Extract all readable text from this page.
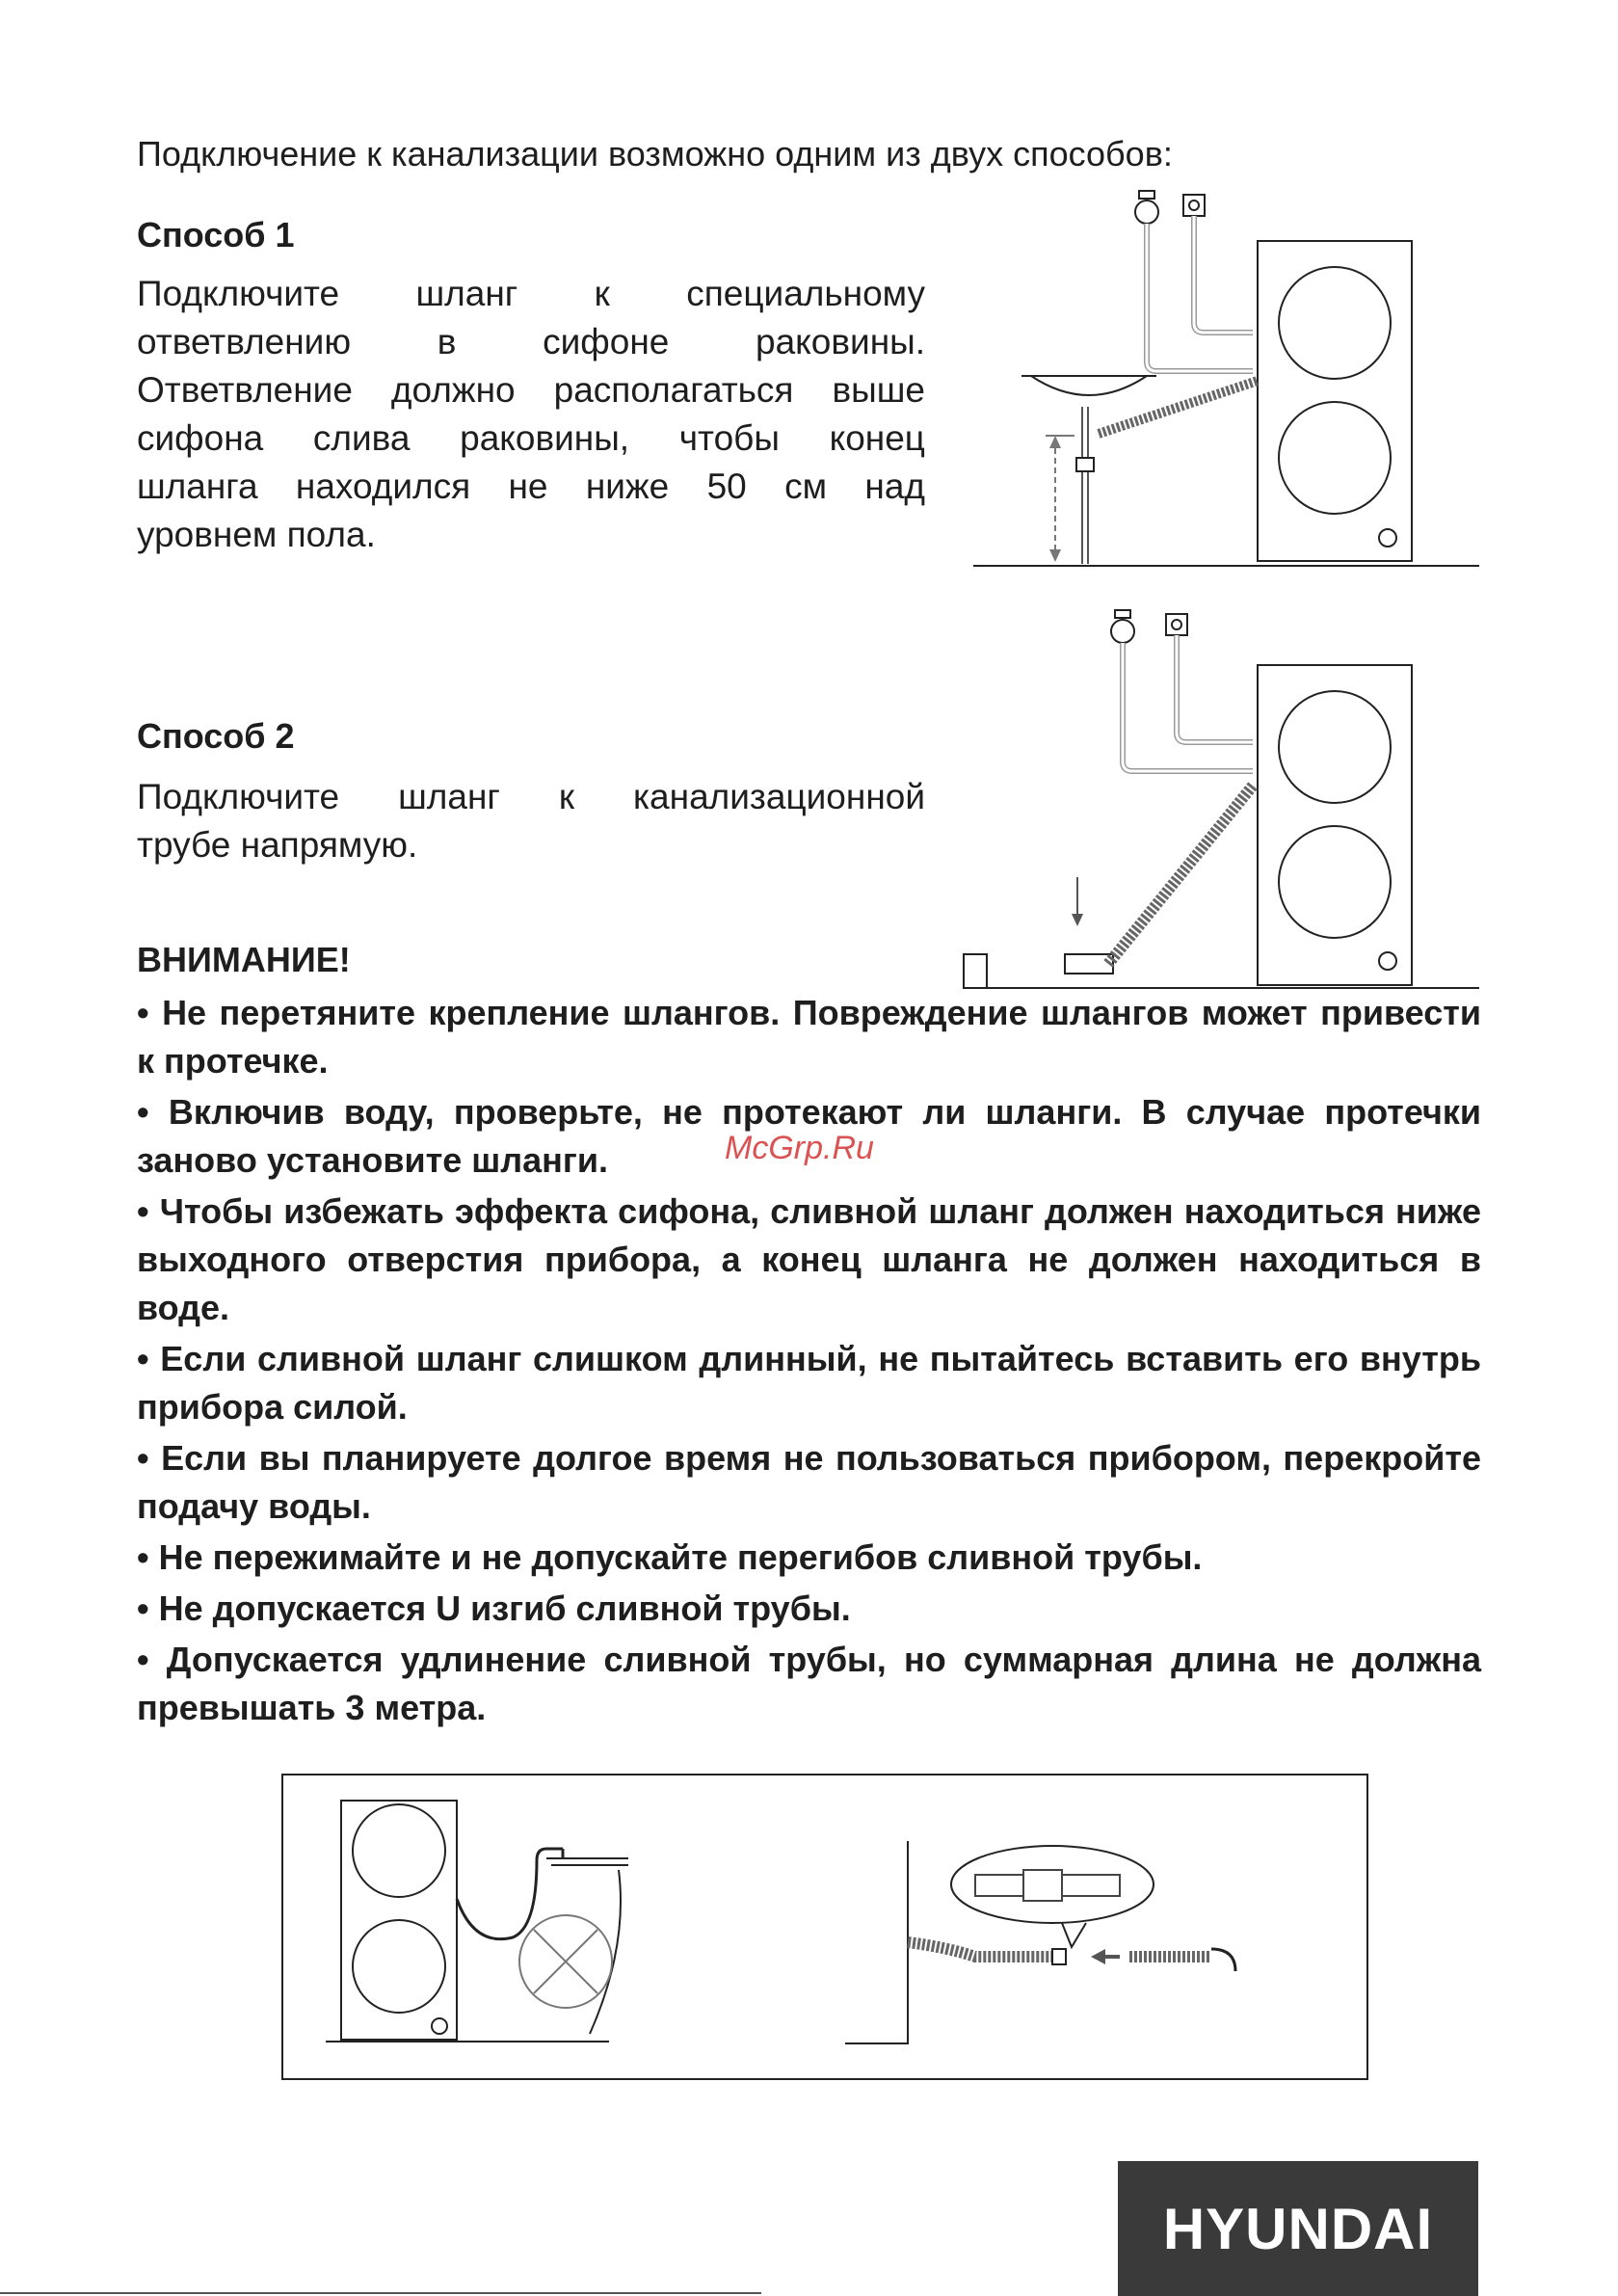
Подключение к канализации возможно одним из двух способов:
Способ 1
Подключите шланг к специальному
ответвлению в сифоне раковины.
Ответвление должно располагаться выше
сифона слива раковины, чтобы конец
шланга находился не ниже 50 см над
уровнем пола.
Способ 2
Подключите шланг к канализационной
трубе напрямую.
ВНИМАНИЕ!
• Не перетяните крепление шлангов. Повреждение шлангов может привести к протечке.
• Включив воду, проверьте, не протекают ли шланги. В случае протечки заново установите шланги.
• Чтобы избежать эффекта сифона, сливной шланг должен находиться ниже выходного отверстия прибора, а конец шланга не должен находиться в воде.
• Если сливной шланг слишком длинный, не пытайтесь вставить его внутрь прибора силой.
• Если вы планируете долгое время не пользоваться прибором, перекройте подачу воды.
• Не пережимайте и не допускайте перегибов сливной трубы.
• Не допускается U изгиб сливной трубы.
• Допускается удлинение сливной трубы, но суммарная длина не должна превышать 3 метра.
McGrp.Ru
HYUNDAI
